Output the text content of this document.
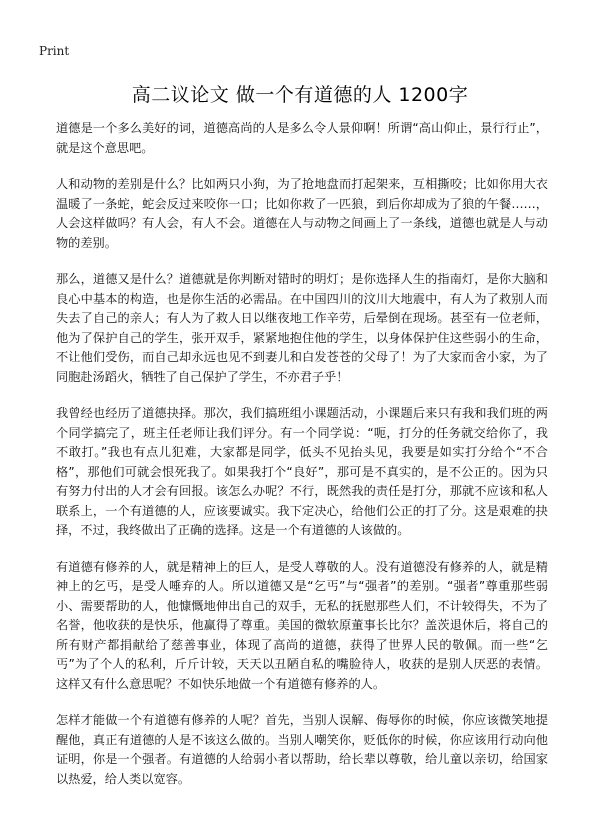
Print
高二议论文 做一个有道德的人 1200字

道德是一个多么美好的词，道德高尚的人是多么令人景仰啊！所谓“高山仰止，景行行止”，就是这个意思吧。

人和动物的差别是什么？比如两只小狗，为了抢地盘而打起架来，互相撕咬；比如你用大衣温暖了一条蛇，蛇会反过来咬你一口；比如你救了一匹狼，到后你却成为了狼的午餐……，人会这样做吗？有人会，有人不会。道德在人与动物之间画上了一条线，道德也就是人与动物的差别。

那么，道德又是什么？道德就是你判断对错时的明灯；是你选择人生的指南灯，是你大脑和良心中基本的构造，也是你生活的必需品。在中国四川的汶川大地震中，有人为了救别人而失去了自己的亲人；有人为了救人日以继夜地工作辛劳，后晕倒在现场。甚至有一位老师，他为了保护自己的学生，张开双手，紧紧地抱住他的学生，以身体保护住这些弱小的生命，不让他们受伤，而自己却永远也见不到妻儿和白发苍苍的父母了！为了大家而舍小家，为了同胞赴汤蹈火，牺牲了自己保护了学生，不亦君子乎！

我曾经也经历了道德抉择。那次，我们搞班组小课题活动，小课题后来只有我和我们班的两个同学搞完了，班主任老师让我们评分。有一个同学说：“呃，打分的任务就交给你了，我不敢打。”我也有点儿犯难，大家都是同学，低头不见抬头见，我要是如实打分给个“不合格”，那他们可就会恨死我了。如果我打个“良好”，那可是不真实的，是不公正的。因为只有努力付出的人才会有回报。该怎么办呢？不行，既然我的责任是打分，那就不应该和私人联系上，一个有道德的人，应该要诚实。我下定决心，给他们公正的打了分。这是艰难的抉择，不过，我终做出了正确的选择。这是一个有道德的人该做的。

有道德有修养的人，就是精神上的巨人，是受人尊敬的人。没有道德没有修养的人，就是精神上的乞丐，是受人唾弃的人。所以道德又是“乞丐”与“强者”的差别。“强者”尊重那些弱小、需要帮助的人，他慷慨地伸出自己的双手，无私的抚慰那些人们，不计较得失，不为了名誉，他收获的是快乐，他赢得了尊重。美国的微软原董事长比尔？盖茨退休后，将自己的所有财产都捐献给了慈善事业，体现了高尚的道德，获得了世界人民的敬佩。而一些“乞丐”为了个人的私利，斤斤计较，天天以丑陋自私的嘴脸待人，收获的是别人厌恶的表情。这样又有什么意思呢？不如快乐地做一个有道德有修养的人。

怎样才能做一个有道德有修养的人呢？首先，当别人误解、侮辱你的时候，你应该微笑地提醒他，真正有道德的人是不该这么做的。当别人嘲笑你，贬低你的时候，你应该用行动向他证明，你是一个强者。有道德的人给弱小者以帮助，给长辈以尊敬，给儿童以亲切，给国家以热爱，给人类以宽容。
